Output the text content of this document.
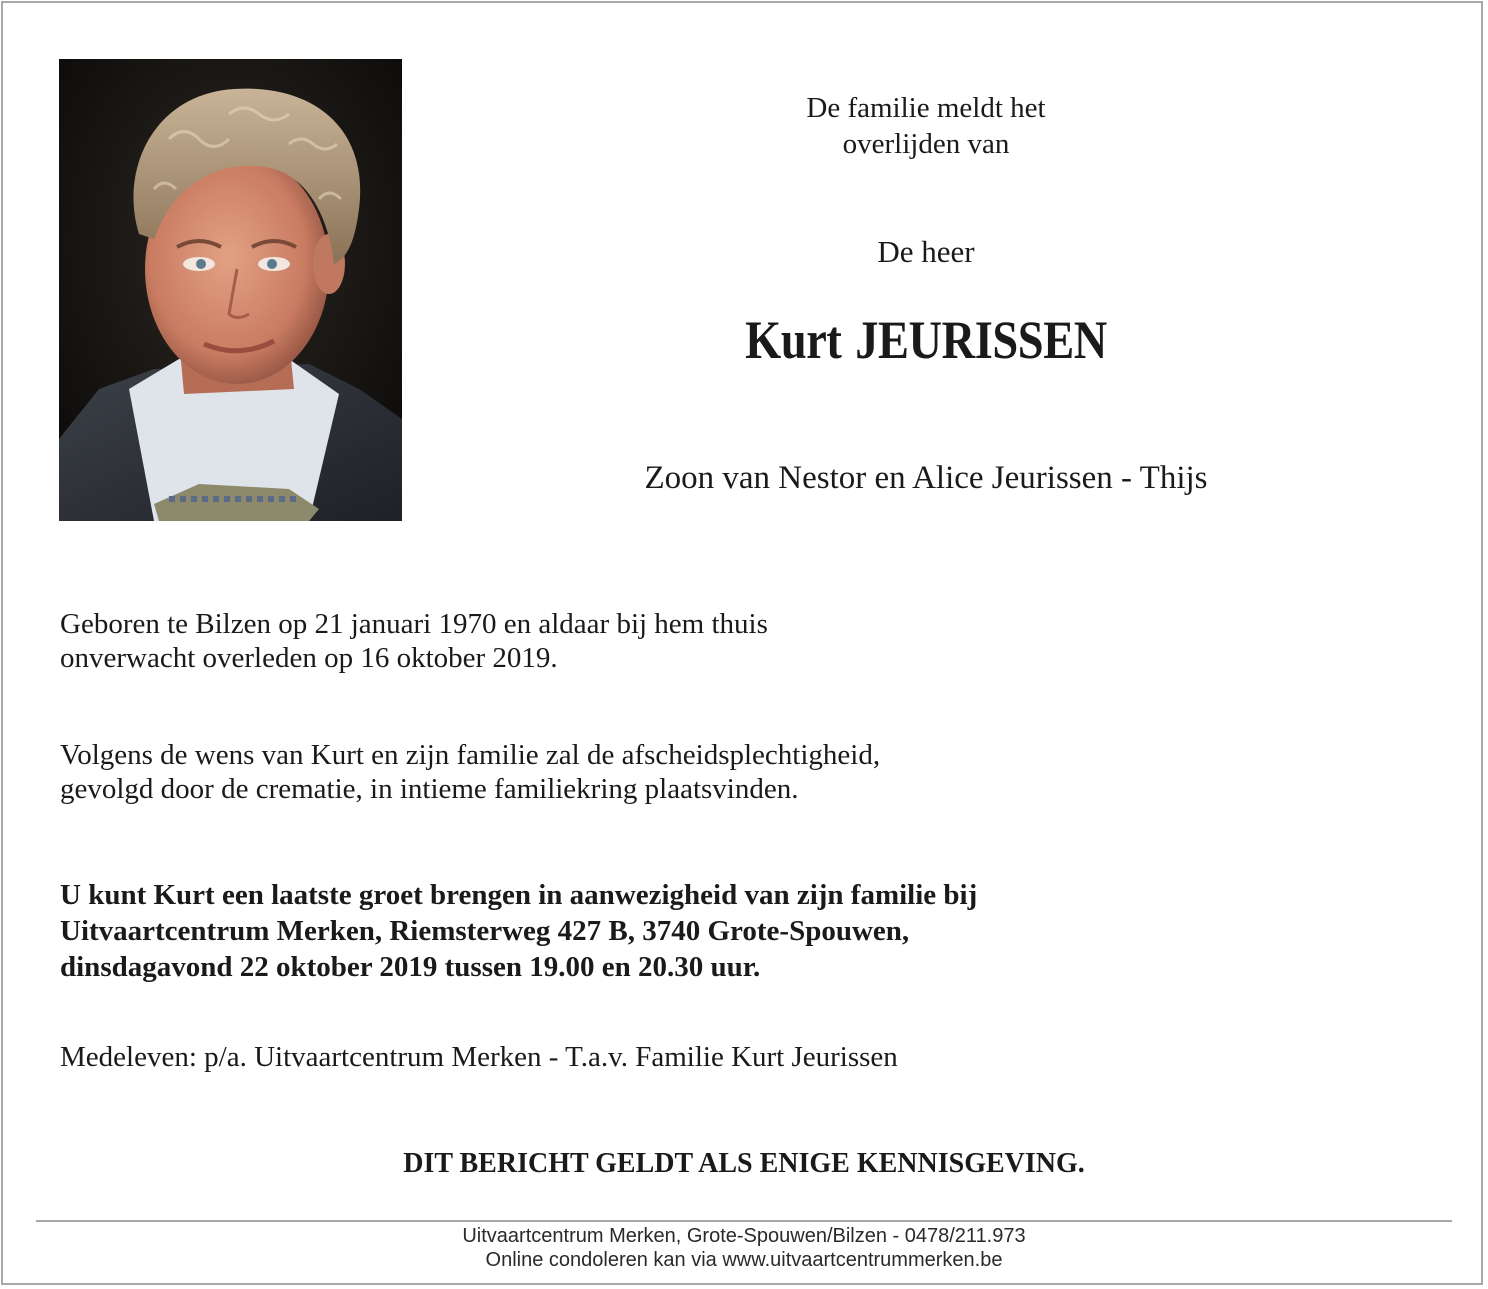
De familie meldt het
overlijden van
De heer
Kurt JEURISSEN
Zoon van Nestor en Alice Jeurissen - Thijs
Geboren te Bilzen op 21 januari 1970 en aldaar bij hem thuis
onverwacht overleden op 16 oktober 2019.
Volgens de wens van Kurt en zijn familie zal de afscheidsplechtigheid,
gevolgd door de crematie, in intieme familiekring plaatsvinden.
U kunt Kurt een laatste groet brengen in aanwezigheid van zijn familie bij
Uitvaartcentrum Merken, Riemsterweg 427 B, 3740 Grote-Spouwen,
dinsdagavond 22 oktober 2019 tussen 19.00 en 20.30 uur.
Medeleven: p/a. Uitvaartcentrum Merken - T.a.v. Familie Kurt Jeurissen
DIT BERICHT GELDT ALS ENIGE KENNISGEVING.
Uitvaartcentrum Merken, Grote-Spouwen/Bilzen - 0478/211.973
Online condoleren kan via www.uitvaartcentrummerken.be
